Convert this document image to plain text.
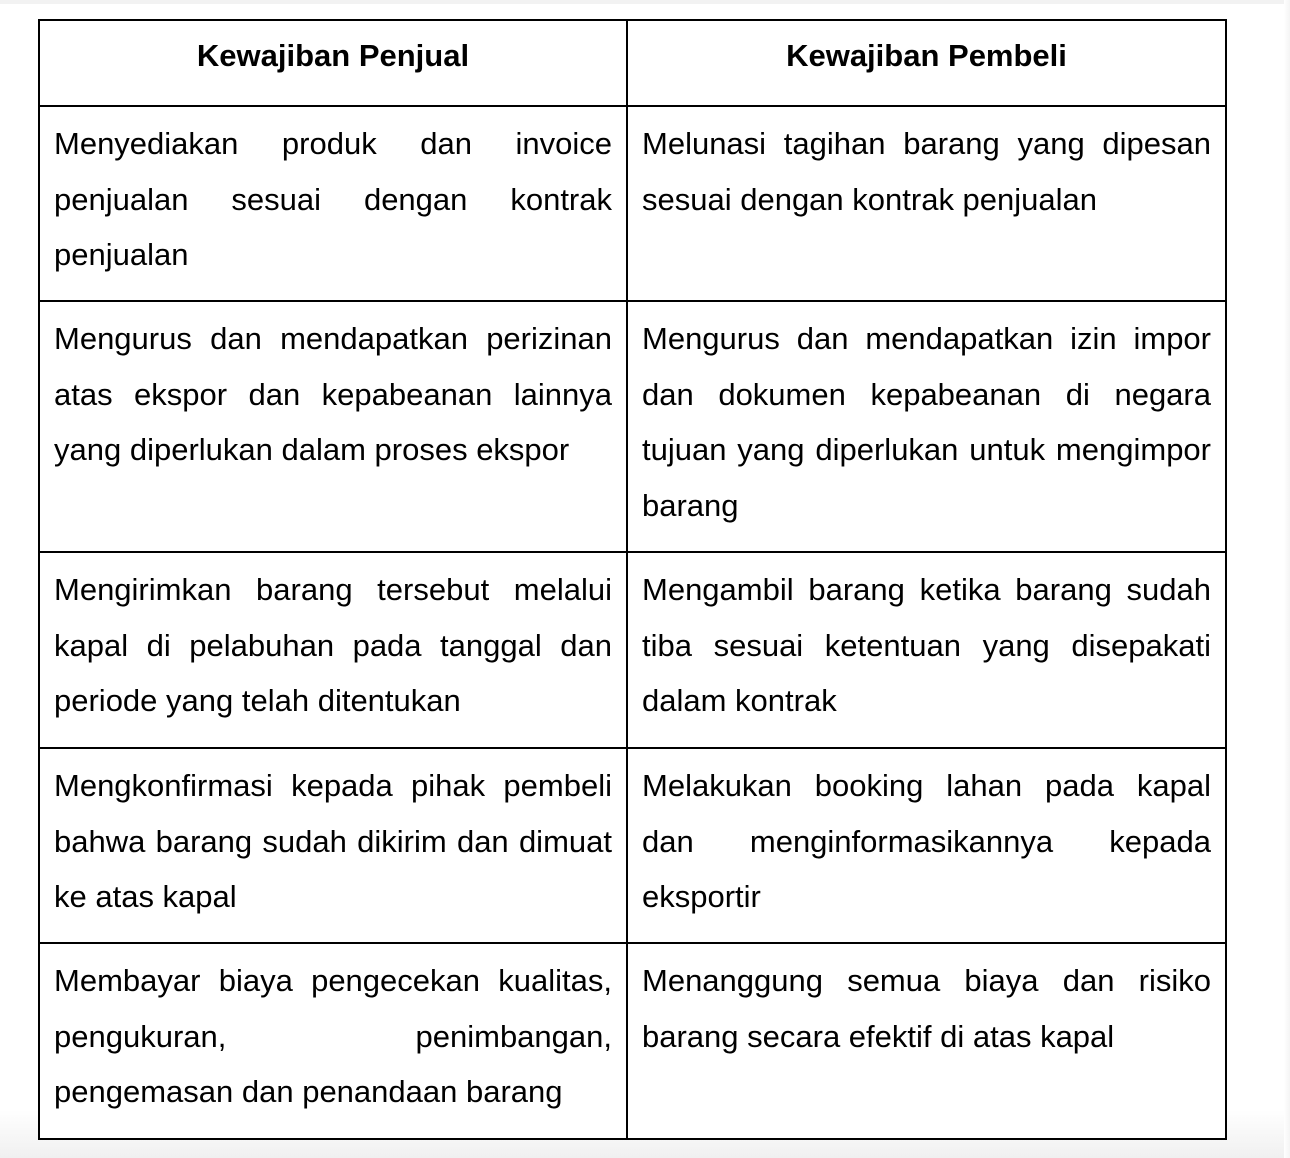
Kewajiban Penjual	Kewajiban Pembeli
Menyediakan produk dan invoice penjualan sesuai dengan kontrak penjualan	Melunasi tagihan barang yang dipesan sesuai dengan kontrak penjualan
Mengurus dan mendapatkan perizinan atas ekspor dan kepabeanan lainnya yang diperlukan dalam proses ekspor	Mengurus dan mendapatkan izin impor dan dokumen kepabeanan di negara tujuan yang diperlukan untuk mengimpor barang
Mengirimkan barang tersebut melalui kapal di pelabuhan pada tanggal dan periode yang telah ditentukan	Mengambil barang ketika barang sudah tiba sesuai ketentuan yang disepakati dalam kontrak
Mengkonfirmasi kepada pihak pembeli bahwa barang sudah dikirim dan dimuat ke atas kapal	Melakukan booking lahan pada kapal dan menginformasikannya kepada eksportir
Membayar biaya pengecekan kualitas, pengukuran, penimbangan, pengemasan dan penandaan barang	Menanggung semua biaya dan risiko barang secara efektif di atas kapal
